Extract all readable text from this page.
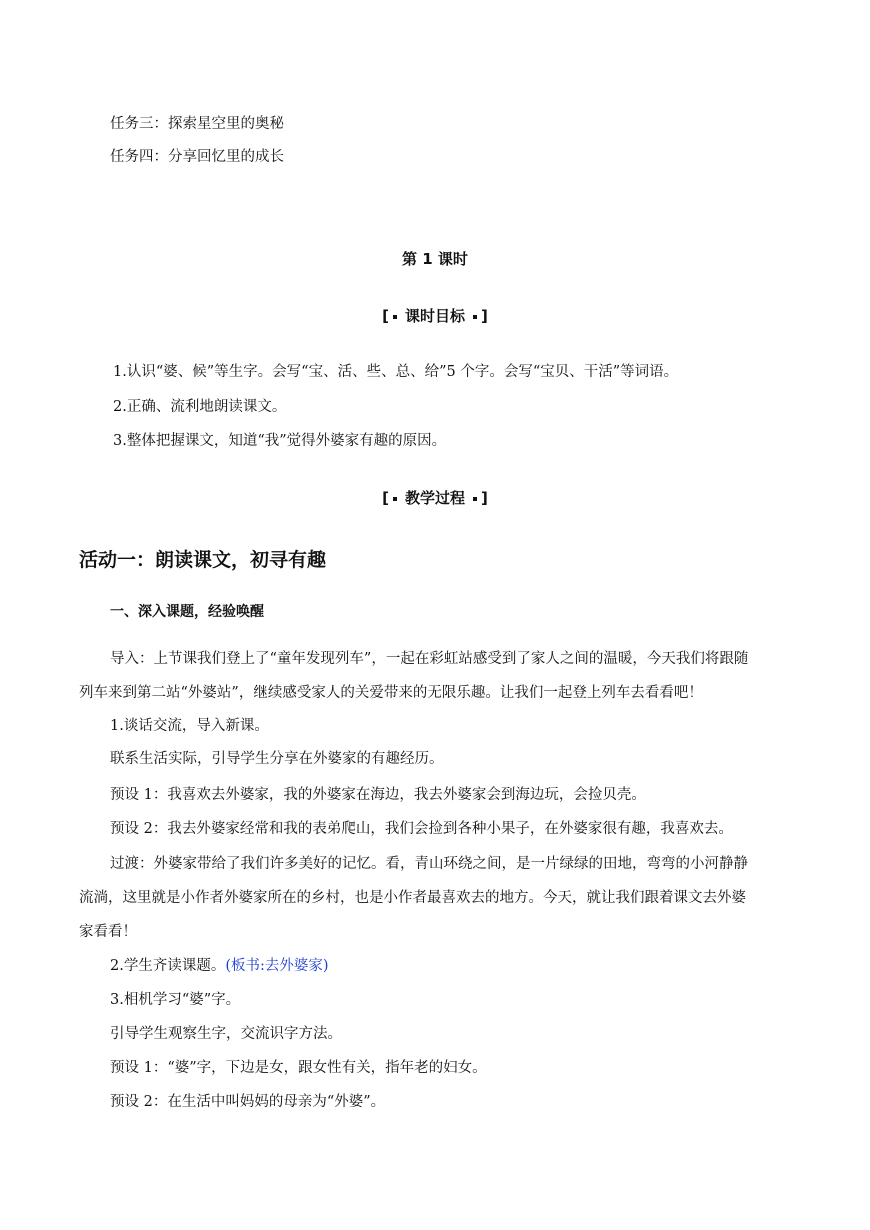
任务三：探索星空里的奥秘
任务四：分享回忆里的成长
第 1 课时
[ 课时目标 ]
1.认识“婆、候”等生字。会写“宝、活、些、总、给”5 个字。会写“宝贝、干活”等词语。
2.正确、流利地朗读课文。
3.整体把握课文，知道“我”觉得外婆家有趣的原因。
[ 教学过程 ]
活动一：朗读课文，初寻有趣
一、深入课题，经验唤醒
导入：上节课我们登上了“童年发现列车”，一起在彩虹站感受到了家人之间的温暖，今天我们将跟随
列车来到第二站“外婆站”，继续感受家人的关爱带来的无限乐趣。让我们一起登上列车去看看吧！
1.谈话交流，导入新课。
联系生活实际，引导学生分享在外婆家的有趣经历。
预设 1：我喜欢去外婆家，我的外婆家在海边，我去外婆家会到海边玩，会捡贝壳。
预设 2：我去外婆家经常和我的表弟爬山，我们会捡到各种小果子，在外婆家很有趣，我喜欢去。
过渡：外婆家带给了我们许多美好的记忆。看，青山环绕之间，是一片绿绿的田地，弯弯的小河静静
流淌，这里就是小作者外婆家所在的乡村，也是小作者最喜欢去的地方。今天，就让我们跟着课文去外婆
家看看！
2.学生齐读课题。(板书:去外婆家)
3.相机学习“婆”字。
引导学生观察生字，交流识字方法。
预设 1：“婆”字，下边是女，跟女性有关，指年老的妇女。
预设 2：在生活中叫妈妈的母亲为“外婆”。
